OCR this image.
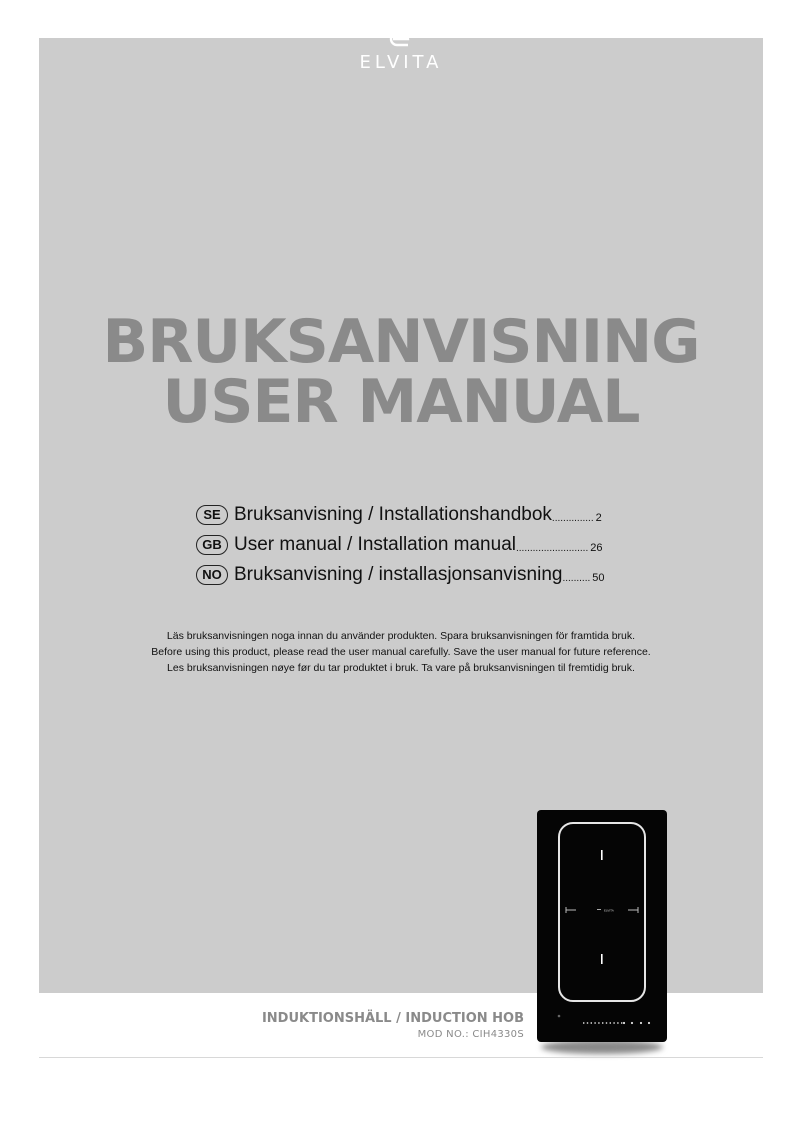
ELVITA
BRUKSANVISNING
USER MANUAL
SE Bruksanvisning / Installationshandbok ............... 2
GB User manual / Installation manual .......................... 26
NO Bruksanvisning / installasjonsanvisning .......... 50
Läs bruksanvisningen noga innan du använder produkten. Spara bruksanvisningen för framtida bruk.
Before using this product, please read the user manual carefully. Save the user manual for future reference.
Les bruksanvisningen nøye før du tar produktet i bruk. Ta vare på bruksanvisningen til fremtidig bruk.
ELVITA
INDUKTIONSHÄLL / INDUCTION HOB
MOD NO.: CIH4330S
